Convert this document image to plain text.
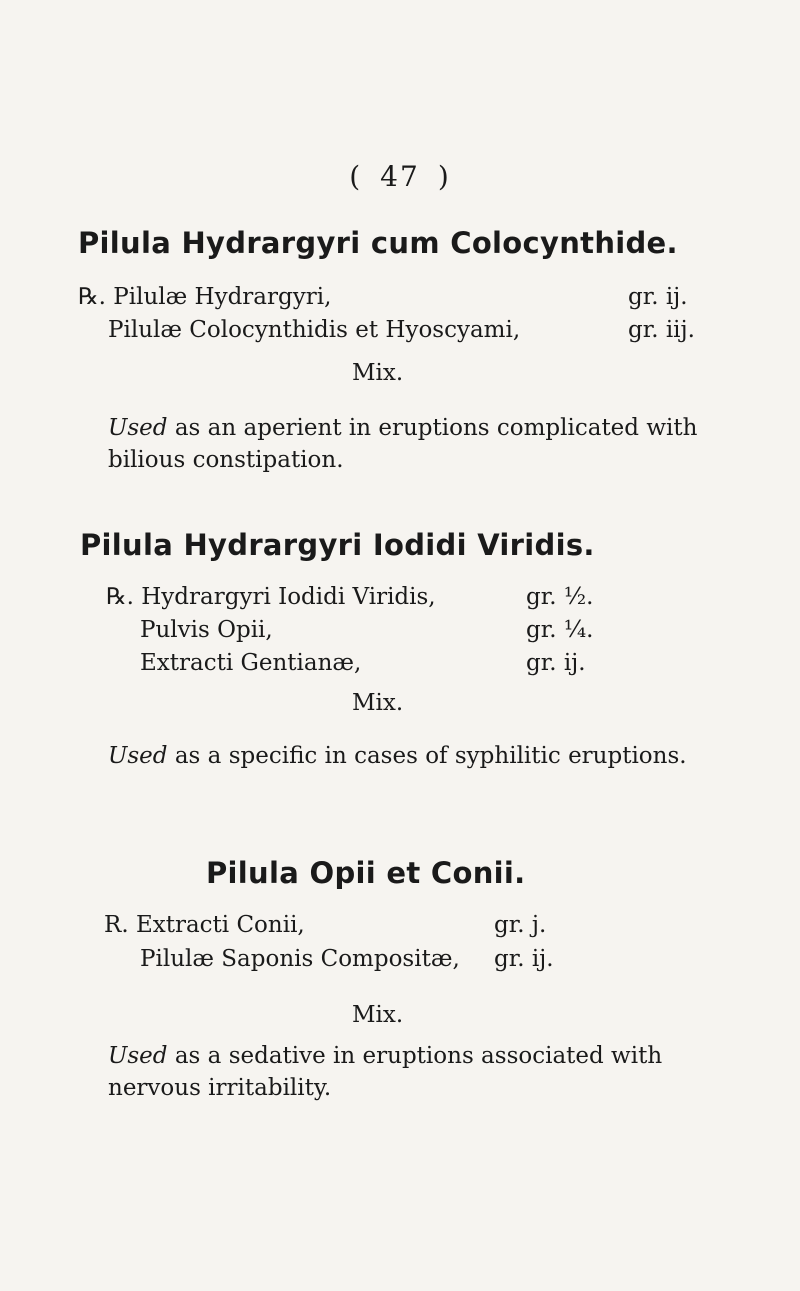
( 47 )
Pilula Hydrargyri cum Colocynthide.
℞. Pilulæ Hydrargyri,	gr. ij.
Pilulæ Colocynthidis et Hyoscyami,	gr. iij.
Mix.
Used as an aperient in eruptions complicated with bilious constipation.
Pilula Hydrargyri Iodidi Viridis.
℞. Hydrargyri Iodidi Viridis,	gr. ½.
Pulvis Opii,	gr. ¼.
Extracti Gentianæ,	gr. ij.
Mix.
Used as a specific in cases of syphilitic eruptions.
Pilula Opii et Conii.
R. Extracti Conii,	gr. j.
Pilulæ Saponis Compositæ, gr. ij.
Mix.
Used as a sedative in eruptions associated with nervous irritability.
